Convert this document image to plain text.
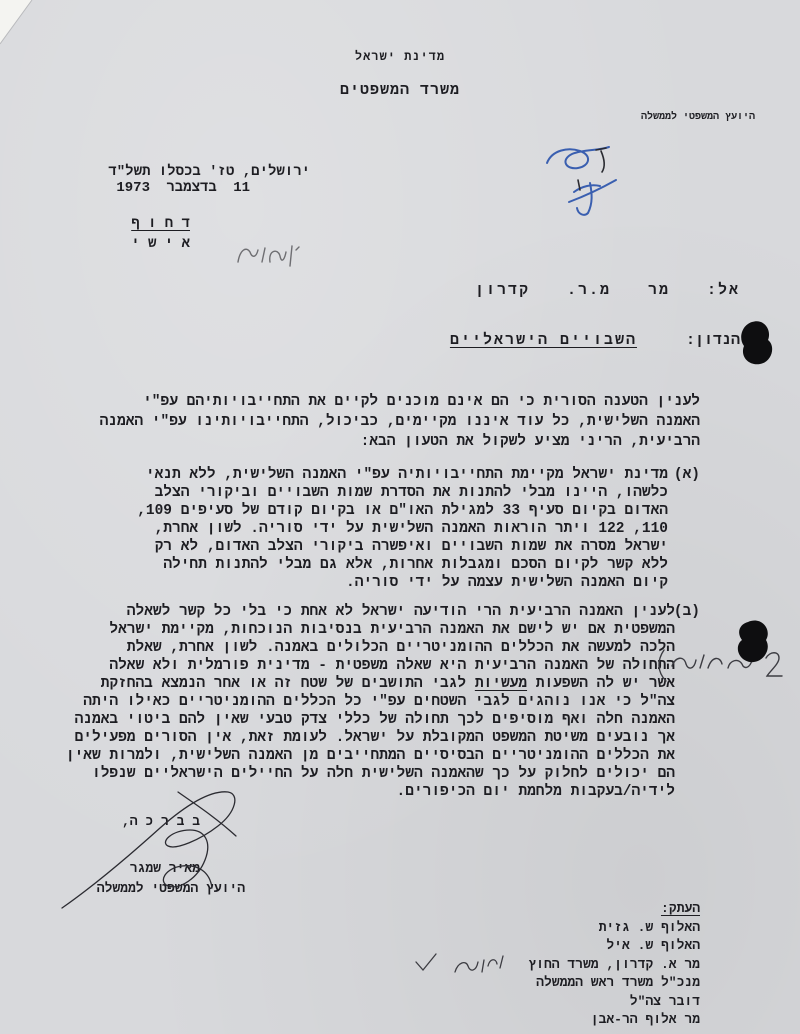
מדינת ישראל
משרד המשפטים
היועץ המשפטי לממשלה
ירושלים, טז' בכסלו תשל"ד
11 בדצמבר 1973
ד ח ו ף
א י ש י
אל: מר מ.ר. קדרון
הנדון: השבויים הישראליים
לענין הטענה הסורית כי הם אינם מוכנים לקיים את התחייבויותיהם עפ"י
האמנה השלישית, כל עוד איננו מקיימים, כביכול, התחייבויותינו עפ"י האמנה
הרביעית, הריני מציע לשקול את הטעון הבא:
(א)
מדינת ישראל מקיימת התחייבויותיה עפ"י האמנה השלישית, ללא תנאי
כלשהו, היינו מבלי להתנות את הסדרת שמות השבויים וביקורי הצלב
האדום בקיום סעיף 33 למגילת האו"ם או בקיום קודם של סעיפים 109,
110, 122 ויתר הוראות האמנה השלישית על ידי סוריה. לשון אחרת,
ישראל מסרה את שמות השבויים ואיפשרה ביקורי הצלב האדום, לא רק
ללא קשר לקיום הסכם ומגבלות אחרות, אלא גם מבלי להתנות תחילה
קיום האמנה השלישית עצמה על ידי סוריה.
(ב)
לענין האמנה הרביעית הרי הודיעה ישראל לא אחת כי בלי כל קשר לשאלה
המשפטית אם יש לישם את האמנה הרביעית בנסיבות הנוכחות, מקיימת ישראל
הלכה למעשה את הכללים ההומניטריים הכלולים באמנה. לשון אחרת, שאלת
התחולה של האמנה הרביעית היא שאלה משפטית - מדינית פורמלית ולא שאלה
אשר יש לה השפעות מעשיות לגבי התושבים של שטח זה או אחר הנמצא בהחזקת
צה"ל כי אנו נוהגים לגבי השטחים עפ"י כל הכללים ההומניטריים כאילו היתה
האמנה חלה ואף מוסיפים לכך תחולה של כללי צדק טבעי שאין להם ביטוי באמנה
אך נובעים משיטת המשפט המקובלת על ישראל. לעומת זאת, אין הסורים מפעילים
את הכללים ההומניטריים הבסיסיים המתחייבים מן האמנה השלישית, ולמרות שאין
הם יכולים לחלוק על כך שהאמנה השלישית חלה על החיילים הישראליים שנפלו
לידיה/בעקבות מלחמת יום הכיפורים.
ב ב ר כ ה,
מאיר שמגר
היועץ המשפטי לממשלה
העתק:
האלוף ש. גזית
האלוף ש. איל
מר א. קדרון, משרד החוץ
מנכ"ל משרד ראש הממשלה
דובר צה"ל
מר אלוף הר-אבן
